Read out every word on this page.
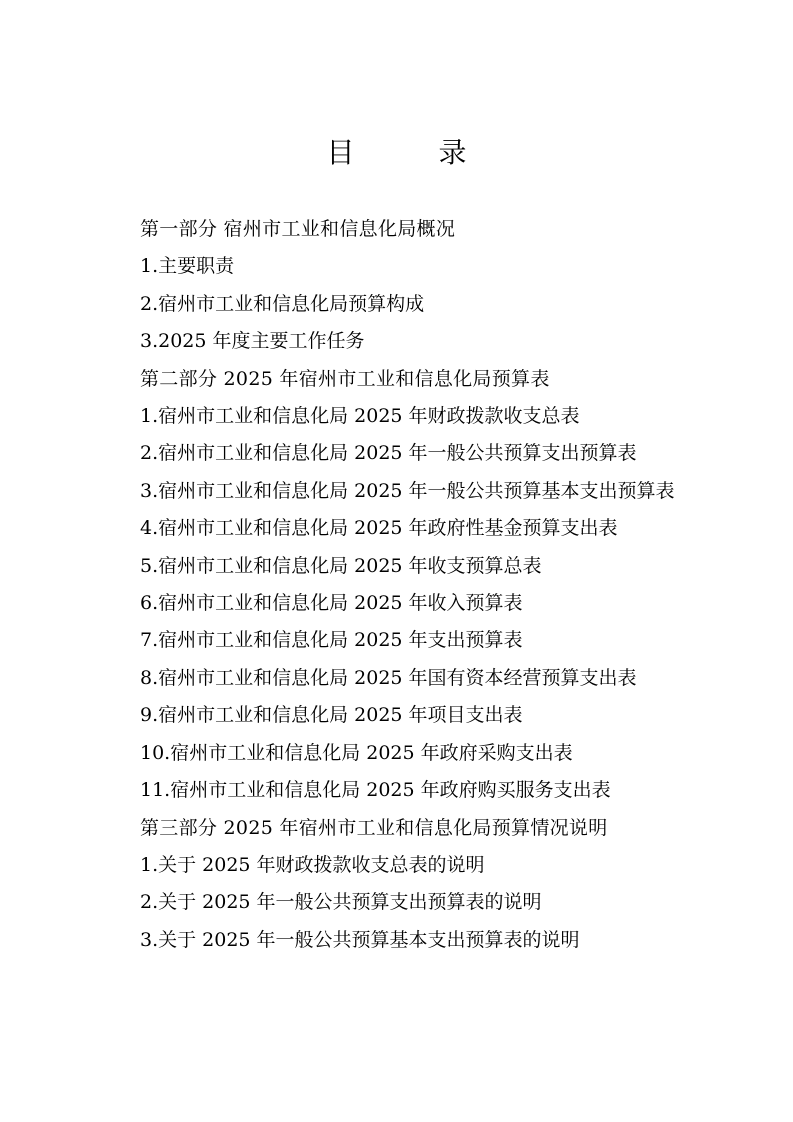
目　录
第一部分 宿州市工业和信息化局概况
1.主要职责
2.宿州市工业和信息化局预算构成
3.2025 年度主要工作任务
第二部分 2025 年宿州市工业和信息化局预算表
1.宿州市工业和信息化局 2025 年财政拨款收支总表
2.宿州市工业和信息化局 2025 年一般公共预算支出预算表
3.宿州市工业和信息化局 2025 年一般公共预算基本支出预算表
4.宿州市工业和信息化局 2025 年政府性基金预算支出表
5.宿州市工业和信息化局 2025 年收支预算总表
6.宿州市工业和信息化局 2025 年收入预算表
7.宿州市工业和信息化局 2025 年支出预算表
8.宿州市工业和信息化局 2025 年国有资本经营预算支出表
9.宿州市工业和信息化局 2025 年项目支出表
10.宿州市工业和信息化局 2025 年政府采购支出表
11.宿州市工业和信息化局 2025 年政府购买服务支出表
第三部分 2025 年宿州市工业和信息化局预算情况说明
1.关于 2025 年财政拨款收支总表的说明
2.关于 2025 年一般公共预算支出预算表的说明
3.关于 2025 年一般公共预算基本支出预算表的说明
